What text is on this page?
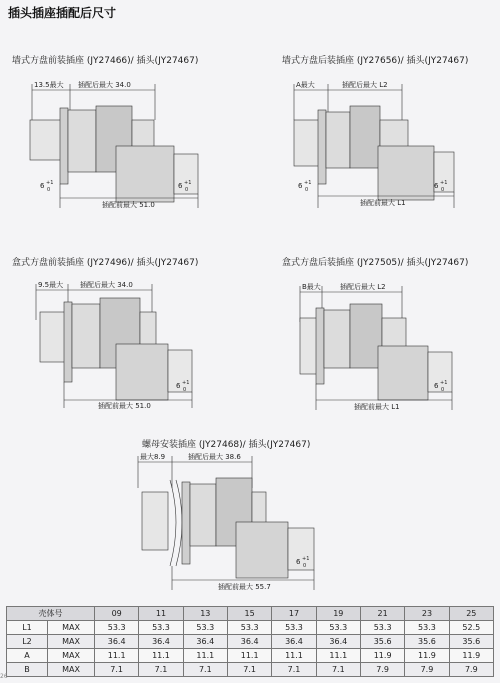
插头插座插配后尺寸
墙式方盘前装插座 (JY27466)/ 插头(JY27467)	墙式方盘后装插座 (JY27656)/ 插头(JY27467)
盒式方盘前装插座 (JY27496)/ 插头(JY27467)	盒式方盘后装插座 (JY27505)/ 插头(JY27467)
螺母安装插座 (JY27468)/ 插头(JY27467)
13.5最大 插配后最大 34.0
插配前最大 51.0
6 +1
0	6 +1
0
A最大	插配后最大 L2
插配前最大 L1
6 +1
0	6 +1
0
9.5最大 插配后最大 34.0
插配前最大 51.0
6 +1
0
B最大	插配后最大 L2
插配前最大 L1
6 +1
0
最大8.9	插配后最大 38.6
插配前最大 55.7
6 +1
0
壳体号		09	11	13	15	17	19	21	23	25
L1	MAX	53.3	53.3	53.3	53.3	53.3	53.3	53.3	53.3	52.5
L2	MAX	36.4	36.4	36.4	36.4	36.4	36.4	35.6	35.6	35.6
A	MAX	11.1	11.1	11.1	11.1	11.1	11.1	11.9	11.9	11.9
B	MAX	7.1	7.1	7.1	7.1	7.1	7.1	7.9	7.9	7.9
26
